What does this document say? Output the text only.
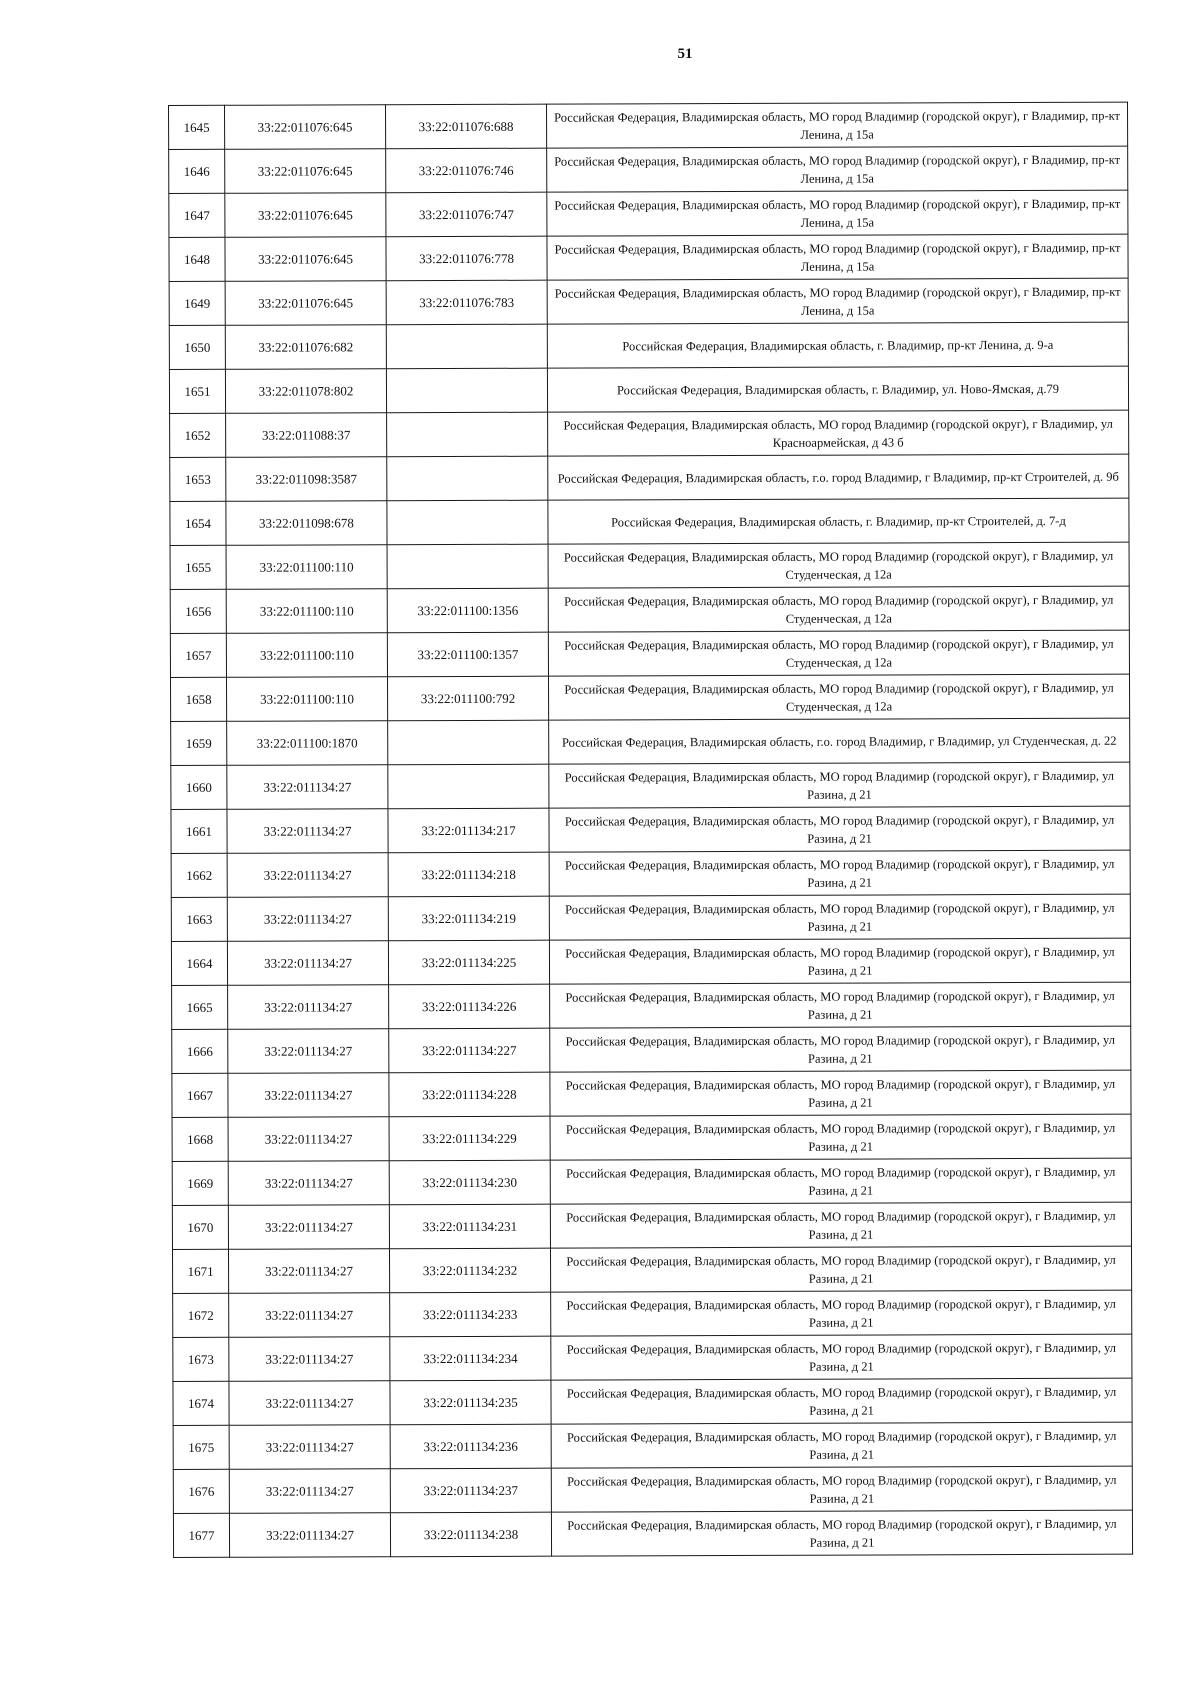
51
1645	33:22:011076:645	33:22:011076:688	Российская Федерация, Владимирская область, МО город Владимир (городской округ), г Владимир, пр-кт Ленина, д 15а
1646	33:22:011076:645	33:22:011076:746	Российская Федерация, Владимирская область, МО город Владимир (городской округ), г Владимир, пр-кт Ленина, д 15а
1647	33:22:011076:645	33:22:011076:747	Российская Федерация, Владимирская область, МО город Владимир (городской округ), г Владимир, пр-кт Ленина, д 15а
1648	33:22:011076:645	33:22:011076:778	Российская Федерация, Владимирская область, МО город Владимир (городской округ), г Владимир, пр-кт Ленина, д 15а
1649	33:22:011076:645	33:22:011076:783	Российская Федерация, Владимирская область, МО город Владимир (городской округ), г Владимир, пр-кт Ленина, д 15а
1650	33:22:011076:682		Российская Федерация, Владимирская область, г. Владимир, пр-кт Ленина, д. 9-а
1651	33:22:011078:802		Российская Федерация, Владимирская область, г. Владимир, ул. Ново-Ямская, д.79
1652	33:22:011088:37		Российская Федерация, Владимирская область, МО город Владимир (городской округ), г Владимир, ул Красноармейская, д 43 б
1653	33:22:011098:3587		Российская Федерация, Владимирская область, г.о. город Владимир, г Владимир, пр-кт Строителей, д. 9б
1654	33:22:011098:678		Российская Федерация, Владимирская область, г. Владимир, пр-кт Строителей, д. 7-д
1655	33:22:011100:110		Российская Федерация, Владимирская область, МО город Владимир (городской округ), г Владимир, ул Студенческая, д 12а
1656	33:22:011100:110	33:22:011100:1356	Российская Федерация, Владимирская область, МО город Владимир (городской округ), г Владимир, ул Студенческая, д 12а
1657	33:22:011100:110	33:22:011100:1357	Российская Федерация, Владимирская область, МО город Владимир (городской округ), г Владимир, ул Студенческая, д 12а
1658	33:22:011100:110	33:22:011100:792	Российская Федерация, Владимирская область, МО город Владимир (городской округ), г Владимир, ул Студенческая, д 12а
1659	33:22:011100:1870		Российская Федерация, Владимирская область, г.о. город Владимир, г Владимир, ул Студенческая, д. 22
1660	33:22:011134:27		Российская Федерация, Владимирская область, МО город Владимир (городской округ), г Владимир, ул Разина, д 21
1661	33:22:011134:27	33:22:011134:217	Российская Федерация, Владимирская область, МО город Владимир (городской округ), г Владимир, ул Разина, д 21
1662	33:22:011134:27	33:22:011134:218	Российская Федерация, Владимирская область, МО город Владимир (городской округ), г Владимир, ул Разина, д 21
1663	33:22:011134:27	33:22:011134:219	Российская Федерация, Владимирская область, МО город Владимир (городской округ), г Владимир, ул Разина, д 21
1664	33:22:011134:27	33:22:011134:225	Российская Федерация, Владимирская область, МО город Владимир (городской округ), г Владимир, ул Разина, д 21
1665	33:22:011134:27	33:22:011134:226	Российская Федерация, Владимирская область, МО город Владимир (городской округ), г Владимир, ул Разина, д 21
1666	33:22:011134:27	33:22:011134:227	Российская Федерация, Владимирская область, МО город Владимир (городской округ), г Владимир, ул Разина, д 21
1667	33:22:011134:27	33:22:011134:228	Российская Федерация, Владимирская область, МО город Владимир (городской округ), г Владимир, ул Разина, д 21
1668	33:22:011134:27	33:22:011134:229	Российская Федерация, Владимирская область, МО город Владимир (городской округ), г Владимир, ул Разина, д 21
1669	33:22:011134:27	33:22:011134:230	Российская Федерация, Владимирская область, МО город Владимир (городской округ), г Владимир, ул Разина, д 21
1670	33:22:011134:27	33:22:011134:231	Российская Федерация, Владимирская область, МО город Владимир (городской округ), г Владимир, ул Разина, д 21
1671	33:22:011134:27	33:22:011134:232	Российская Федерация, Владимирская область, МО город Владимир (городской округ), г Владимир, ул Разина, д 21
1672	33:22:011134:27	33:22:011134:233	Российская Федерация, Владимирская область, МО город Владимир (городской округ), г Владимир, ул Разина, д 21
1673	33:22:011134:27	33:22:011134:234	Российская Федерация, Владимирская область, МО город Владимир (городской округ), г Владимир, ул Разина, д 21
1674	33:22:011134:27	33:22:011134:235	Российская Федерация, Владимирская область, МО город Владимир (городской округ), г Владимир, ул Разина, д 21
1675	33:22:011134:27	33:22:011134:236	Российская Федерация, Владимирская область, МО город Владимир (городской округ), г Владимир, ул Разина, д 21
1676	33:22:011134:27	33:22:011134:237	Российская Федерация, Владимирская область, МО город Владимир (городской округ), г Владимир, ул Разина, д 21
1677	33:22:011134:27	33:22:011134:238	Российская Федерация, Владимирская область, МО город Владимир (городской округ), г Владимир, ул Разина, д 21
